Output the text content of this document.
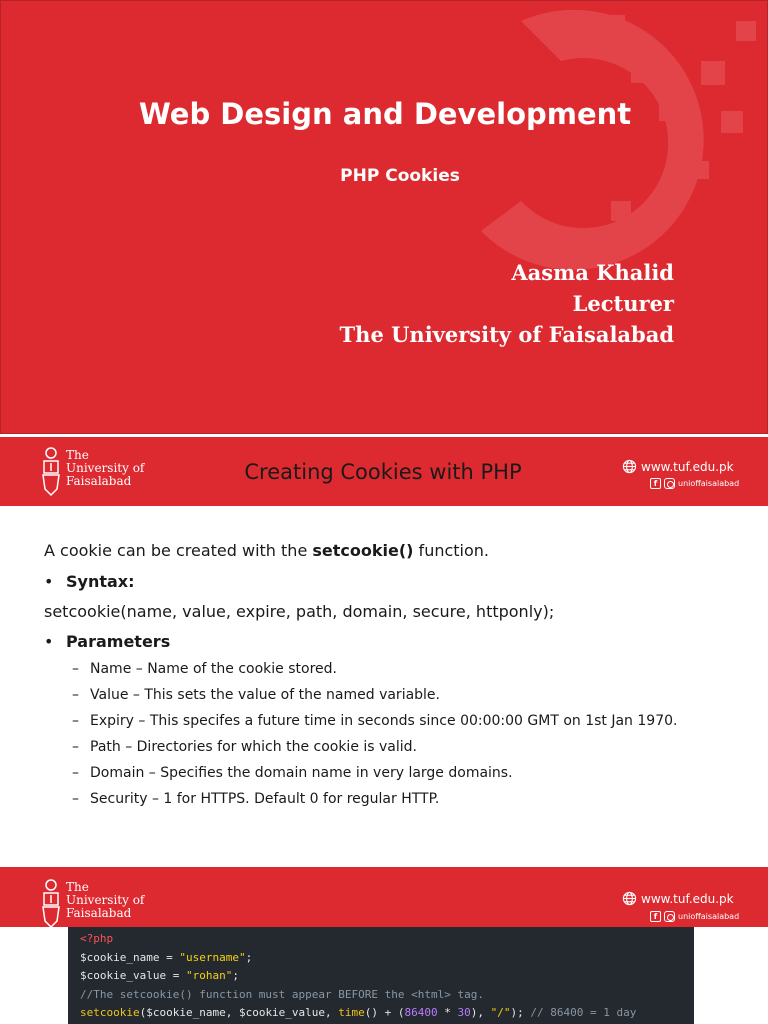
Web Design and Development
PHP Cookies
Aasma Khalid
Lecturer
The University of Faisalabad
The
University of
Faisalabad	Creating Cookies with PHP	www.tuf.edu.pk
f	unioffaisalabad
A cookie can be created with the setcookie() function.
• Syntax:
setcookie(name, value, expire, path, domain, secure, httponly);
• Parameters
– Name – Name of the cookie stored.
– Value – This sets the value of the named variable.
– Expiry – This specifes a future time in seconds since 00:00:00 GMT on 1st Jan 1970.
– Path – Directories for which the cookie is valid.
– Domain – Specifies the domain name in very large domains.
– Security – 1 for HTTPS. Default 0 for regular HTTP.
The
University of
Faisalabad
www.tuf.edu.pk
f	unioffaisalabad
<?php
$cookie_name = "username";
$cookie_value = "rohan";
//The setcookie() function must appear BEFORE the <html> tag.
setcookie($cookie_name, $cookie_value, time() + (86400 * 30), "/"); // 86400 = 1 day
